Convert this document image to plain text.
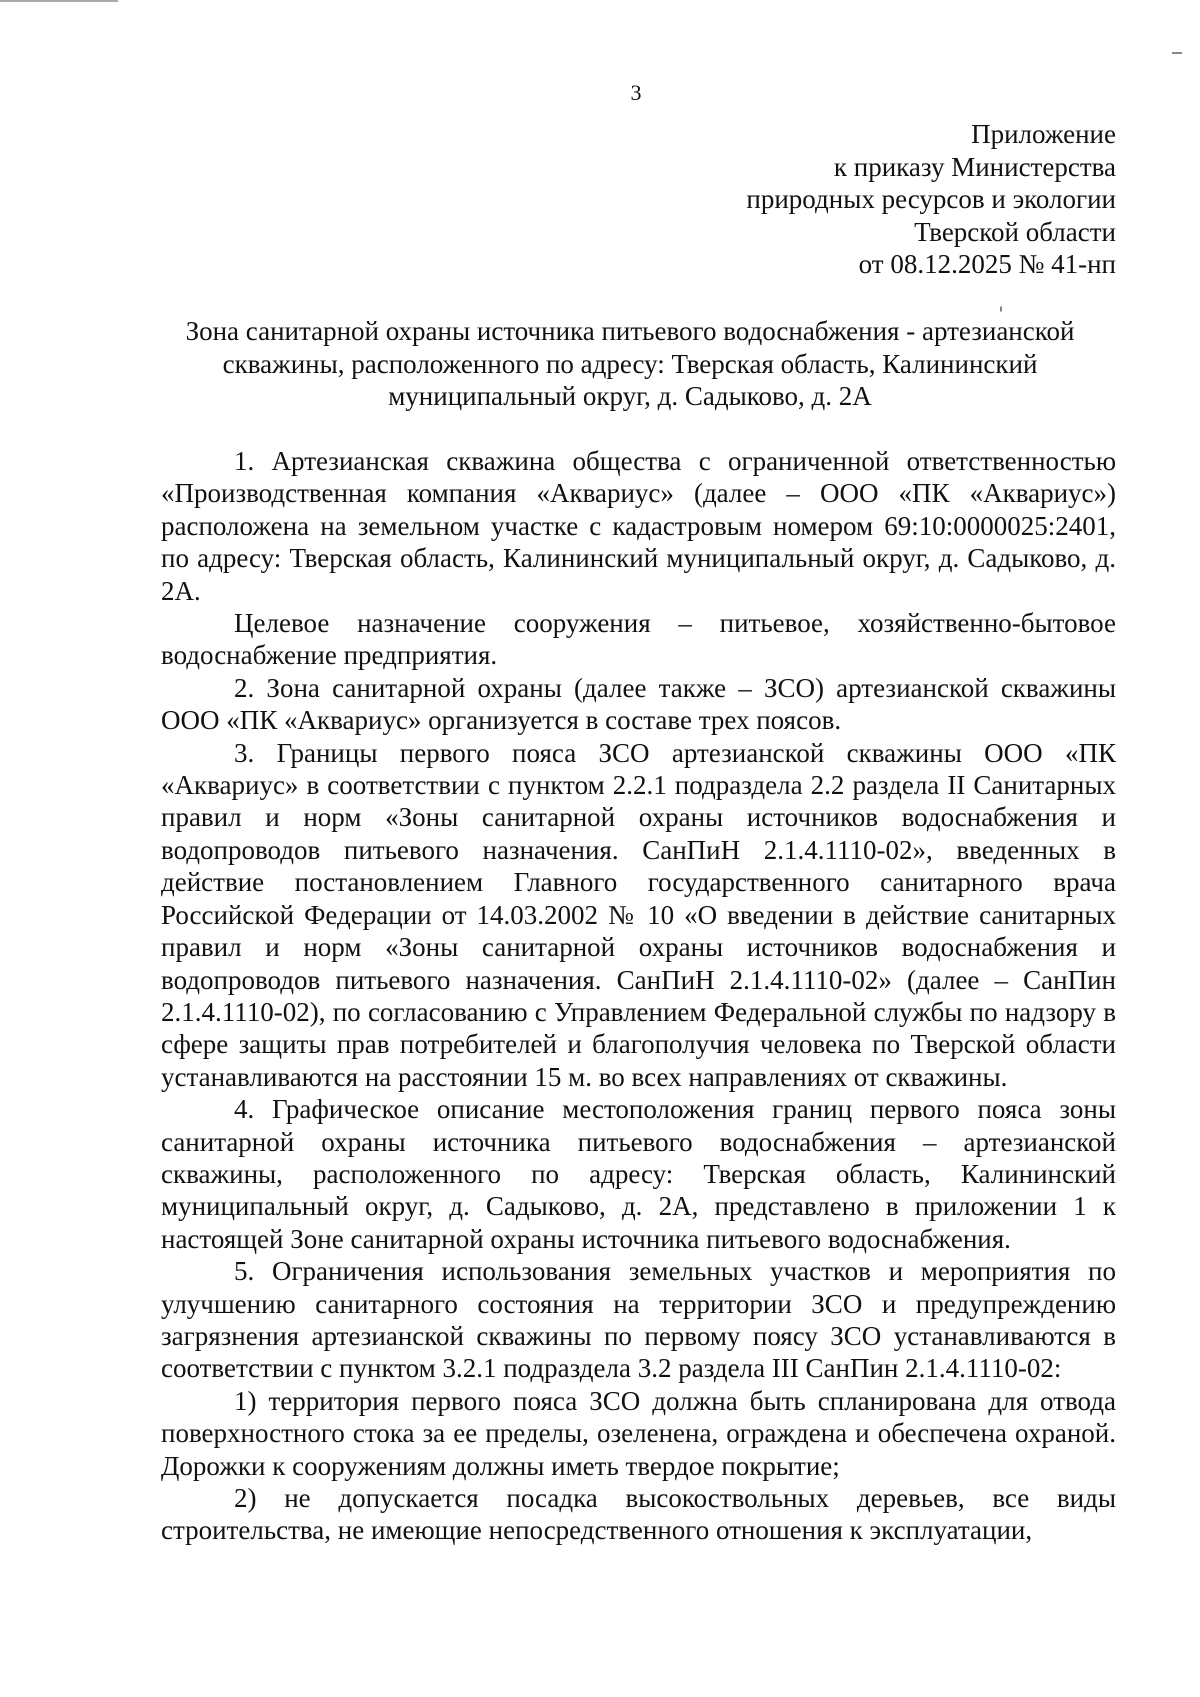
3
Приложение
к приказу Министерства
природных ресурсов и экологии
Тверской области
от 08.12.2025 № 41-нп
Зона санитарной охраны источника питьевого водоснабжения - артезианской
скважины, расположенного по адресу: Тверская область, Калининский
муниципальный округ, д. Садыково, д. 2А

1. Артезианская скважина общества с ограниченной ответственностью «Производственная компания «Аквариус» (далее – ООО «ПК «Аквариус») расположена на земельном участке с кадастровым номером 69:10:0000025:2401, по адресу: Тверская область, Калининский муниципальный округ, д. Садыково, д. 2А.

Целевое назначение сооружения – питьевое, хозяйственно-бытовое водоснабжение предприятия.

2. Зона санитарной охраны (далее также – ЗСО) артезианской скважины ООО «ПК «Аквариус» организуется в составе трех поясов.

3. Границы первого пояса ЗСО артезианской скважины ООО «ПК «Аквариус» в соответствии с пунктом 2.2.1 подраздела 2.2 раздела II Санитарных правил и норм «Зоны санитарной охраны источников водоснабжения и водопроводов питьевого назначения. СанПиН 2.1.4.1110-02», введенных в действие постановлением Главного государственного санитарного врача Российской Федерации от 14.03.2002 № 10 «О введении в действие санитарных правил и норм «Зоны санитарной охраны источников водоснабжения и водопроводов питьевого назначения. СанПиН 2.1.4.1110-02» (далее – СанПин 2.1.4.1110-02), по согласованию с Управлением Федеральной службы по надзору в сфере защиты прав потребителей и благополучия человека по Тверской области устанавливаются на расстоянии 15 м. во всех направлениях от скважины.

4. Графическое описание местоположения границ первого пояса зоны санитарной охраны источника питьевого водоснабжения – артезианской скважины, расположенного по адресу: Тверская область, Калининский муниципальный округ, д. Садыково, д. 2А, представлено в приложении 1 к настоящей Зоне санитарной охраны источника питьевого водоснабжения.

5. Ограничения использования земельных участков и мероприятия по улучшению санитарного состояния на территории ЗСО и предупреждению загрязнения артезианской скважины по первому поясу ЗСО устанавливаются в соответствии с пунктом 3.2.1 подраздела 3.2 раздела III СанПин 2.1.4.1110-02:

1) территория первого пояса ЗСО должна быть спланирована для отвода поверхностного стока за ее пределы, озеленена, ограждена и обеспечена охраной. Дорожки к сооружениям должны иметь твердое покрытие;

2) не допускается посадка высокоствольных деревьев, все виды строительства, не имеющие непосредственного отношения к эксплуатации,
